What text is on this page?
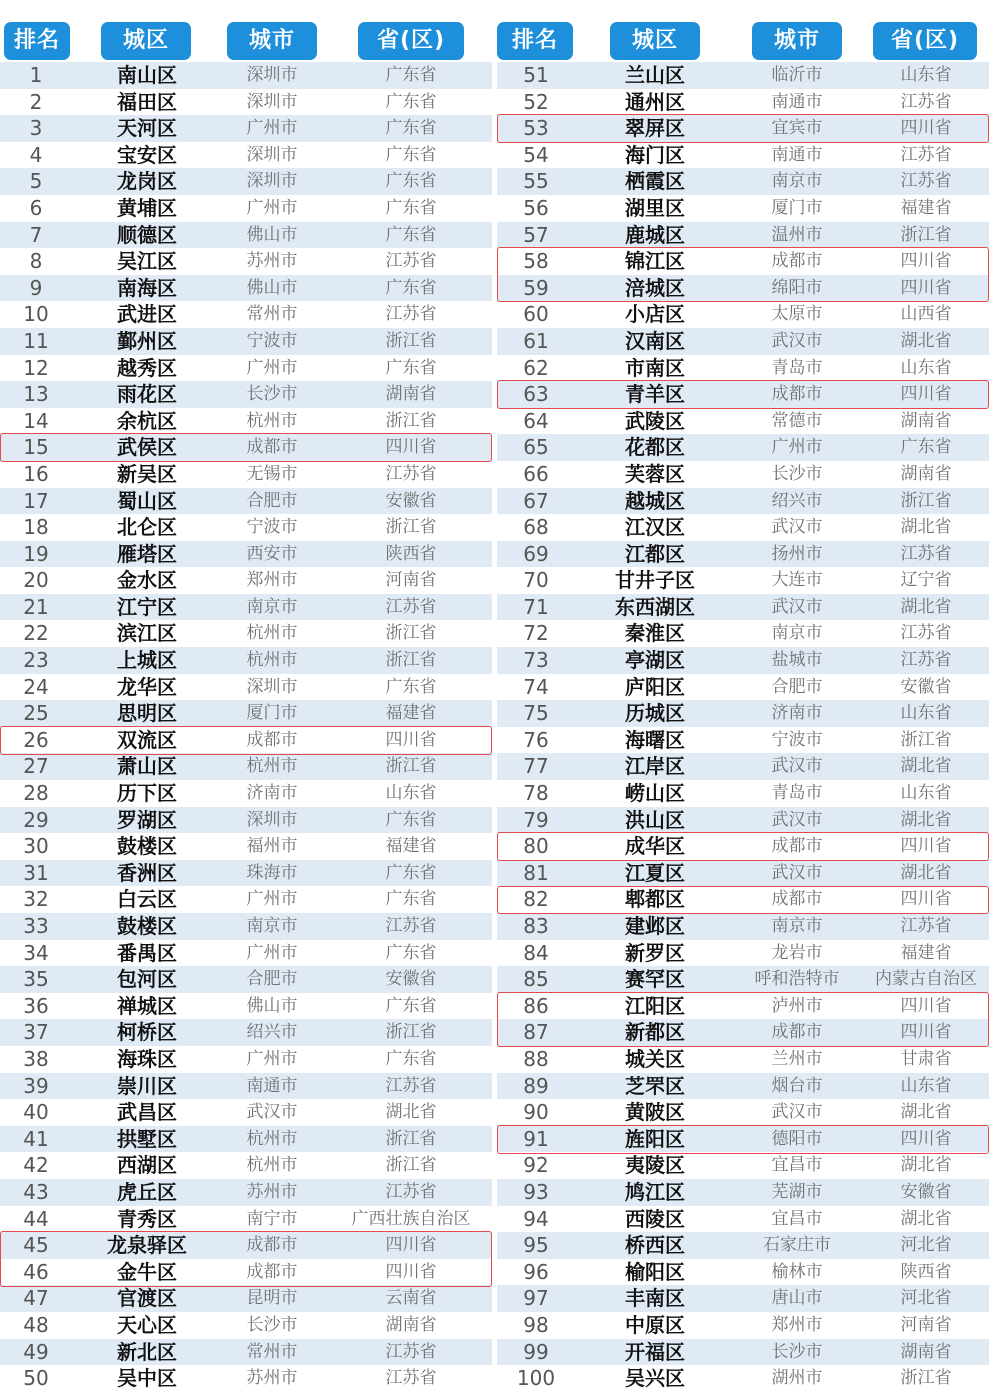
排名	城区	城市	省(区)
1	南山区	深圳市	广东省
2	福田区	深圳市	广东省
3	天河区	广州市	广东省
4	宝安区	深圳市	广东省
5	龙岗区	深圳市	广东省
6	黄埔区	广州市	广东省
7	顺德区	佛山市	广东省
8	吴江区	苏州市	江苏省
9	南海区	佛山市	广东省
10	武进区	常州市	江苏省
11	鄞州区	宁波市	浙江省
12	越秀区	广州市	广东省
13	雨花区	长沙市	湖南省
14	余杭区	杭州市	浙江省
15	武侯区	成都市	四川省
16	新吴区	无锡市	江苏省
17	蜀山区	合肥市	安徽省
18	北仑区	宁波市	浙江省
19	雁塔区	西安市	陕西省
20	金水区	郑州市	河南省
21	江宁区	南京市	江苏省
22	滨江区	杭州市	浙江省
23	上城区	杭州市	浙江省
24	龙华区	深圳市	广东省
25	思明区	厦门市	福建省
26	双流区	成都市	四川省
27	萧山区	杭州市	浙江省
28	历下区	济南市	山东省
29	罗湖区	深圳市	广东省
30	鼓楼区	福州市	福建省
31	香洲区	珠海市	广东省
32	白云区	广州市	广东省
33	鼓楼区	南京市	江苏省
34	番禺区	广州市	广东省
35	包河区	合肥市	安徽省
36	禅城区	佛山市	广东省
37	柯桥区	绍兴市	浙江省
38	海珠区	广州市	广东省
39	崇川区	南通市	江苏省
40	武昌区	武汉市	湖北省
41	拱墅区	杭州市	浙江省
42	西湖区	杭州市	浙江省
43	虎丘区	苏州市	江苏省
44	青秀区	南宁市	广西壮族自治区
45	龙泉驿区	成都市	四川省
46	金牛区	成都市	四川省
47	官渡区	昆明市	云南省
48	天心区	长沙市	湖南省
49	新北区	常州市	江苏省
50	吴中区	苏州市	江苏省
排名	城区	城市	省(区)
51	兰山区	临沂市	山东省
52	通州区	南通市	江苏省
53	翠屏区	宜宾市	四川省
54	海门区	南通市	江苏省
55	栖霞区	南京市	江苏省
56	湖里区	厦门市	福建省
57	鹿城区	温州市	浙江省
58	锦江区	成都市	四川省
59	涪城区	绵阳市	四川省
60	小店区	太原市	山西省
61	汉南区	武汉市	湖北省
62	市南区	青岛市	山东省
63	青羊区	成都市	四川省
64	武陵区	常德市	湖南省
65	花都区	广州市	广东省
66	芙蓉区	长沙市	湖南省
67	越城区	绍兴市	浙江省
68	江汉区	武汉市	湖北省
69	江都区	扬州市	江苏省
70	甘井子区	大连市	辽宁省
71	东西湖区	武汉市	湖北省
72	秦淮区	南京市	江苏省
73	亭湖区	盐城市	江苏省
74	庐阳区	合肥市	安徽省
75	历城区	济南市	山东省
76	海曙区	宁波市	浙江省
77	江岸区	武汉市	湖北省
78	崂山区	青岛市	山东省
79	洪山区	武汉市	湖北省
80	成华区	成都市	四川省
81	江夏区	武汉市	湖北省
82	郫都区	成都市	四川省
83	建邺区	南京市	江苏省
84	新罗区	龙岩市	福建省
85	赛罕区	呼和浩特市	内蒙古自治区
86	江阳区	泸州市	四川省
87	新都区	成都市	四川省
88	城关区	兰州市	甘肃省
89	芝罘区	烟台市	山东省
90	黄陂区	武汉市	湖北省
91	旌阳区	德阳市	四川省
92	夷陵区	宜昌市	湖北省
93	鸠江区	芜湖市	安徽省
94	西陵区	宜昌市	湖北省
95	桥西区	石家庄市	河北省
96	榆阳区	榆林市	陕西省
97	丰南区	唐山市	河北省
98	中原区	郑州市	河南省
99	开福区	长沙市	湖南省
100	吴兴区	湖州市	浙江省
